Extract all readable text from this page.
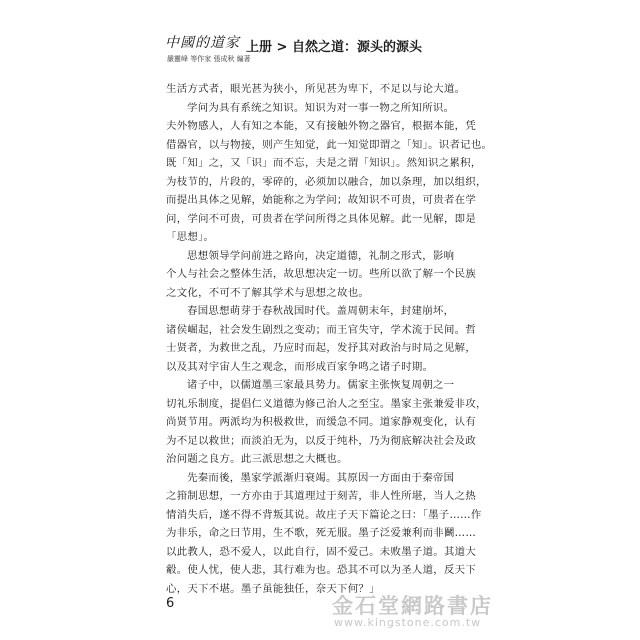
中國的道家
嚴靈峰 等作家 張成秋 編著
上册 > 自然之道：源头的源头
生活方式者，眼光甚为狭小，所见甚为卑下，不足以与论大道。
学问为具有系统之知识。知识为对一事一物之所知所识。
夫外物感人，人有知之本能，又有接触外物之器官，根据本能，凭
借器官，以与物接，则产生知觉，此一知觉即谓之「知」。识者记也。
既「知」之，又「识」而不忘，夫是之谓「知识」。然知识之累积，
为枝节的，片段的，零碎的，必须加以融合，加以条理，加以组织，
而提出具体之见解，始能称之为学问；故知识不可贵，可贵者在学
问，学问不可贵，可贵者在学问所得之具体见解。此一见解，即是
「思想」。
思想领导学问前进之路向，决定道德，礼制之形式，影响
个人与社会之整体生活，故思想决定一切。些所以欲了解一个民族
之文化，不可不了解其学术与思想之故也。
春国思想萌芽于春秋战国时代。盖周朝末年，封建崩坏，
诸侯崛起，社会发生剧烈之变动；而王官失守，学术流于民间。哲
士贤者，为救世之乱，乃应时而起，发抒其对政治与时局之见解，
以及其对宇宙人生之观念，而形成百家争鸣之诸子时期。
诸子中，以儒道墨三家最具势力。儒家主张恢复周朝之一
切礼乐制度，提倡仁义道德为修己治人之至宝。墨家主张兼爱非攻，
尚贤节用。两派均为积极救世，而缓急不同。道家静观变化，认有
为不足以救世；而淡泊无为，以反于纯朴，乃为彻底解决社会及政
治问题之良方。此三派思想之大概也。
先秦而後，墨家学派渐归衰竭。其原因一方面由于秦帝国
之箝制思想，一方亦由于其道理过于刻苦，非人性所堪，当人之热
情消失后，遂不得不背叛其说。故庄子天下篇论之曰：「墨子……作
为非乐，命之曰节用，生不歌，死无服。墨子泛爱兼利而非鬭……
以此教人，恐不爱人，以此自行，固不爱己。未败墨子道。其道大
觳。使人忧，使人悲，其行难为也。恐其不可以为圣人道，反天下
心，天下不堪。墨子虽能独任，奈天下何？」
6	金石堂網路書店
www.kingstone.com.tw
